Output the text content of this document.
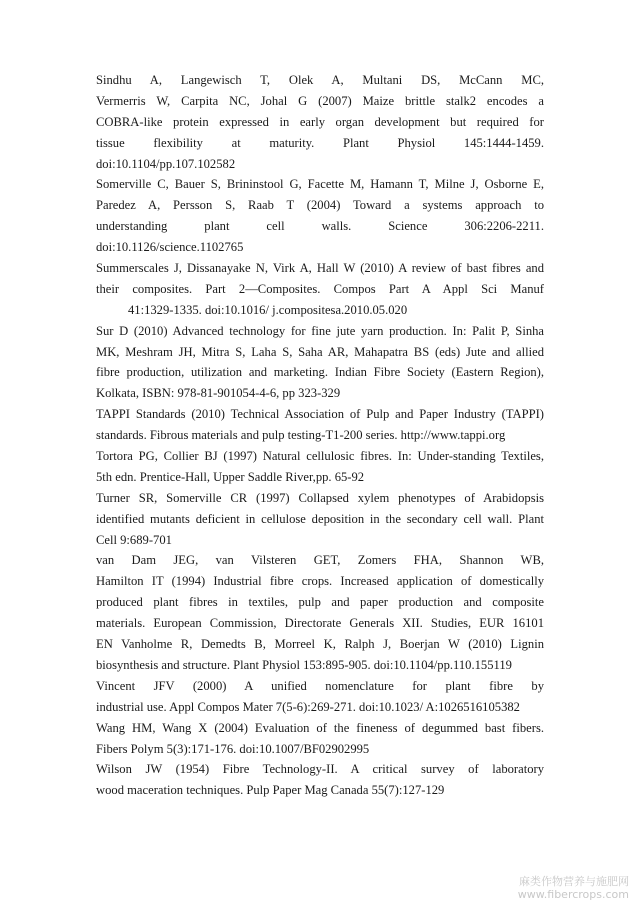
Sindhu A, Langewisch T, Olek A, Multani DS, McCann MC,
Vermerris W, Carpita NC, Johal G (2007) Maize brittle stalk2 encodes a
COBRA-like protein expressed in early organ development but required for
tissue flexibility at maturity. Plant Physiol 145:1444-1459.
doi:10.1104/pp.107.102582
Somerville C, Bauer S, Brininstool G, Facette M, Hamann T, Milne J, Osborne E,
Paredez A, Persson S, Raab T (2004) Toward a systems approach to
understanding plant cell walls. Science 306:2206-2211.
doi:10.1126/science.1102765
Summerscales J, Dissanayake N, Virk A, Hall W (2010) A review of bast fibres and
their composites. Part 2—Composites. Compos Part A Appl Sci Manuf
41:1329-1335. doi:10.1016/ j.compositesa.2010.05.020
Sur D (2010) Advanced technology for fine jute yarn production. In: Palit P, Sinha
MK, Meshram JH, Mitra S, Laha S, Saha AR, Mahapatra BS (eds) Jute and allied
fibre production, utilization and marketing. Indian Fibre Society (Eastern Region),
Kolkata, ISBN: 978-81-901054-4-6, pp 323-329
TAPPI Standards (2010) Technical Association of Pulp and Paper Industry (TAPPI)
standards. Fibrous materials and pulp testing-T1-200 series. http://www.tappi.org
Tortora PG, Collier BJ (1997) Natural cellulosic fibres. In: Under-standing Textiles,
5th edn. Prentice-Hall, Upper Saddle River,pp. 65-92
Turner SR, Somerville CR (1997) Collapsed xylem phenotypes of Arabidopsis
identified mutants deficient in cellulose deposition in the secondary cell wall. Plant
Cell 9:689-701
van Dam JEG, van Vilsteren GET, Zomers FHA, Shannon WB,
Hamilton IT (1994) Industrial fibre crops. Increased application of domestically
produced plant fibres in textiles, pulp and paper production and composite
materials. European Commission, Directorate Generals XII. Studies, EUR 16101
EN Vanholme R, Demedts B, Morreel K, Ralph J, Boerjan W (2010) Lignin
biosynthesis and structure. Plant Physiol 153:895-905. doi:10.1104/pp.110.155119
Vincent JFV (2000) A unified nomenclature for plant fibre by
industrial use. Appl Compos Mater 7(5-6):269-271. doi:10.1023/ A:1026516105382
Wang HM, Wang X (2004) Evaluation of the fineness of degummed bast fibers.
Fibers Polym 5(3):171-176. doi:10.1007/BF02902995
Wilson JW (1954) Fibre Technology-II. A critical survey of laboratory
wood maceration techniques. Pulp Paper Mag Canada 55(7):127-129
麻类作物营养与施肥网
www.fibercrops.com
